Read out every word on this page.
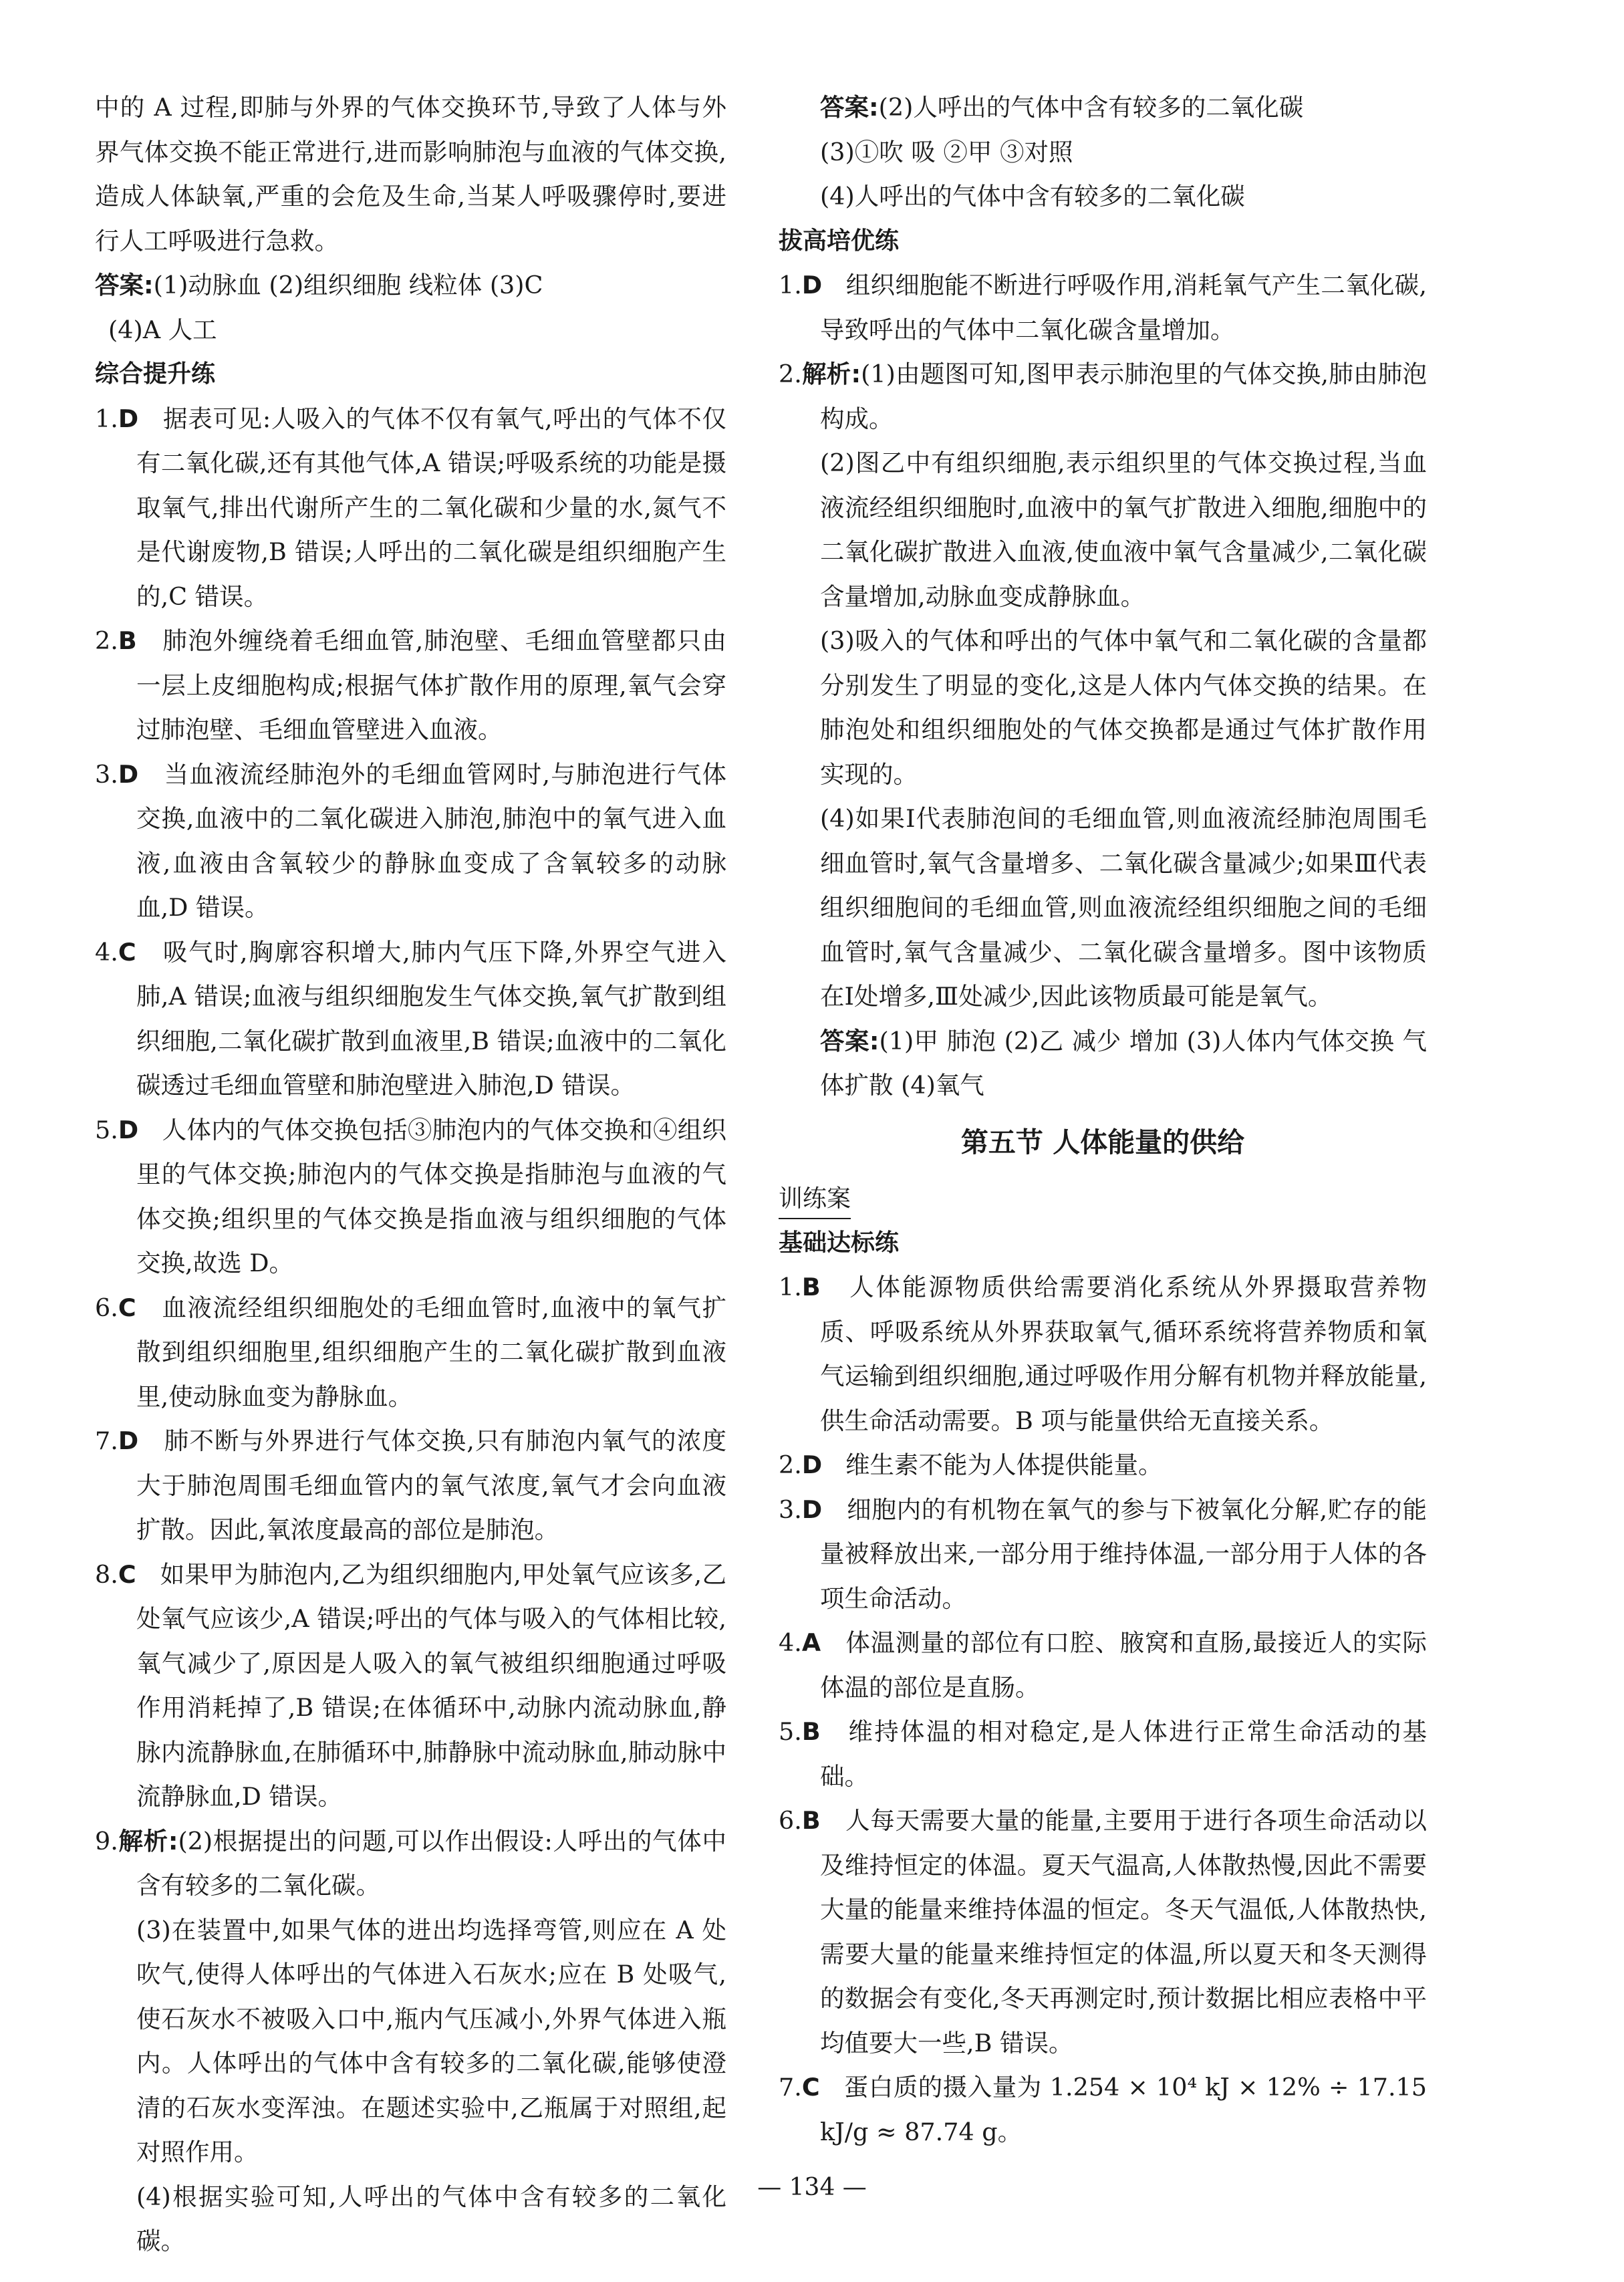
中的 A 过程,即肺与外界的气体交换环节,导致了人体与外界气体交换不能正常进行,进而影响肺泡与血液的气体交换,造成人体缺氧,严重的会危及生命,当某人呼吸骤停时,要进行人工呼吸进行急救。

答案:(1)动脉血 (2)组织细胞 线粒体 (3)C

(4)A 人工

综合提升练

1.D 据表可见:人吸入的气体不仅有氧气,呼出的气体不仅有二氧化碳,还有其他气体,A 错误;呼吸系统的功能是摄取氧气,排出代谢所产生的二氧化碳和少量的水,氮气不是代谢废物,B 错误;人呼出的二氧化碳是组织细胞产生的,C 错误。

2.B 肺泡外缠绕着毛细血管,肺泡壁、毛细血管壁都只由一层上皮细胞构成;根据气体扩散作用的原理,氧气会穿过肺泡壁、毛细血管壁进入血液。

3.D 当血液流经肺泡外的毛细血管网时,与肺泡进行气体交换,血液中的二氧化碳进入肺泡,肺泡中的氧气进入血液,血液由含氧较少的静脉血变成了含氧较多的动脉血,D 错误。

4.C 吸气时,胸廓容积增大,肺内气压下降,外界空气进入肺,A 错误;血液与组织细胞发生气体交换,氧气扩散到组织细胞,二氧化碳扩散到血液里,B 错误;血液中的二氧化碳透过毛细血管壁和肺泡壁进入肺泡,D 错误。

5.D 人体内的气体交换包括③肺泡内的气体交换和④组织里的气体交换;肺泡内的气体交换是指肺泡与血液的气体交换;组织里的气体交换是指血液与组织细胞的气体交换,故选 D。

6.C 血液流经组织细胞处的毛细血管时,血液中的氧气扩散到组织细胞里,组织细胞产生的二氧化碳扩散到血液里,使动脉血变为静脉血。

7.D 肺不断与外界进行气体交换,只有肺泡内氧气的浓度大于肺泡周围毛细血管内的氧气浓度,氧气才会向血液扩散。因此,氧浓度最高的部位是肺泡。

8.C 如果甲为肺泡内,乙为组织细胞内,甲处氧气应该多,乙处氧气应该少,A 错误;呼出的气体与吸入的气体相比较,氧气减少了,原因是人吸入的氧气被组织细胞通过呼吸作用消耗掉了,B 错误;在体循环中,动脉内流动脉血,静脉内流静脉血,在肺循环中,肺静脉中流动脉血,肺动脉中流静脉血,D 错误。

9.解析:(2)根据提出的问题,可以作出假设:人呼出的气体中含有较多的二氧化碳。

(3)在装置中,如果气体的进出均选择弯管,则应在 A 处吹气,使得人体呼出的气体进入石灰水;应在 B 处吸气,使石灰水不被吸入口中,瓶内气压减小,外界气体进入瓶内。人体呼出的气体中含有较多的二氧化碳,能够使澄清的石灰水变浑浊。在题述实验中,乙瓶属于对照组,起对照作用。

(4)根据实验可知,人呼出的气体中含有较多的二氧化碳。

答案:(2)人呼出的气体中含有较多的二氧化碳

(3)①吹 吸 ②甲 ③对照

(4)人呼出的气体中含有较多的二氧化碳

拔高培优练

1.D 组织细胞能不断进行呼吸作用,消耗氧气产生二氧化碳,导致呼出的气体中二氧化碳含量增加。

2.解析:(1)由题图可知,图甲表示肺泡里的气体交换,肺由肺泡构成。

(2)图乙中有组织细胞,表示组织里的气体交换过程,当血液流经组织细胞时,血液中的氧气扩散进入细胞,细胞中的二氧化碳扩散进入血液,使血液中氧气含量减少,二氧化碳含量增加,动脉血变成静脉血。

(3)吸入的气体和呼出的气体中氧气和二氧化碳的含量都分别发生了明显的变化,这是人体内气体交换的结果。在肺泡处和组织细胞处的气体交换都是通过气体扩散作用实现的。

(4)如果Ⅰ代表肺泡间的毛细血管,则血液流经肺泡周围毛细血管时,氧气含量增多、二氧化碳含量减少;如果Ⅲ代表组织细胞间的毛细血管,则血液流经组织细胞之间的毛细血管时,氧气含量减少、二氧化碳含量增多。图中该物质在Ⅰ处增多,Ⅲ处减少,因此该物质最可能是氧气。

答案:(1)甲 肺泡 (2)乙 减少 增加 (3)人体内气体交换 气体扩散 (4)氧气

第五节 人体能量的供给

训练案

基础达标练

1.B 人体能源物质供给需要消化系统从外界摄取营养物质、呼吸系统从外界获取氧气,循环系统将营养物质和氧气运输到组织细胞,通过呼吸作用分解有机物并释放能量,供生命活动需要。B 项与能量供给无直接关系。

2.D 维生素不能为人体提供能量。

3.D 细胞内的有机物在氧气的参与下被氧化分解,贮存的能量被释放出来,一部分用于维持体温,一部分用于人体的各项生命活动。

4.A 体温测量的部位有口腔、腋窝和直肠,最接近人的实际体温的部位是直肠。

5.B 维持体温的相对稳定,是人体进行正常生命活动的基础。

6.B 人每天需要大量的能量,主要用于进行各项生命活动以及维持恒定的体温。夏天气温高,人体散热慢,因此不需要大量的能量来维持体温的恒定。冬天气温低,人体散热快,需要大量的能量来维持恒定的体温,所以夏天和冬天测得的数据会有变化,冬天再测定时,预计数据比相应表格中平均值要大一些,B 错误。

7.C 蛋白质的摄入量为 1.254 × 10⁴ kJ × 12% ÷ 17.15 kJ/g ≈ 87.74 g。

— 134 —
